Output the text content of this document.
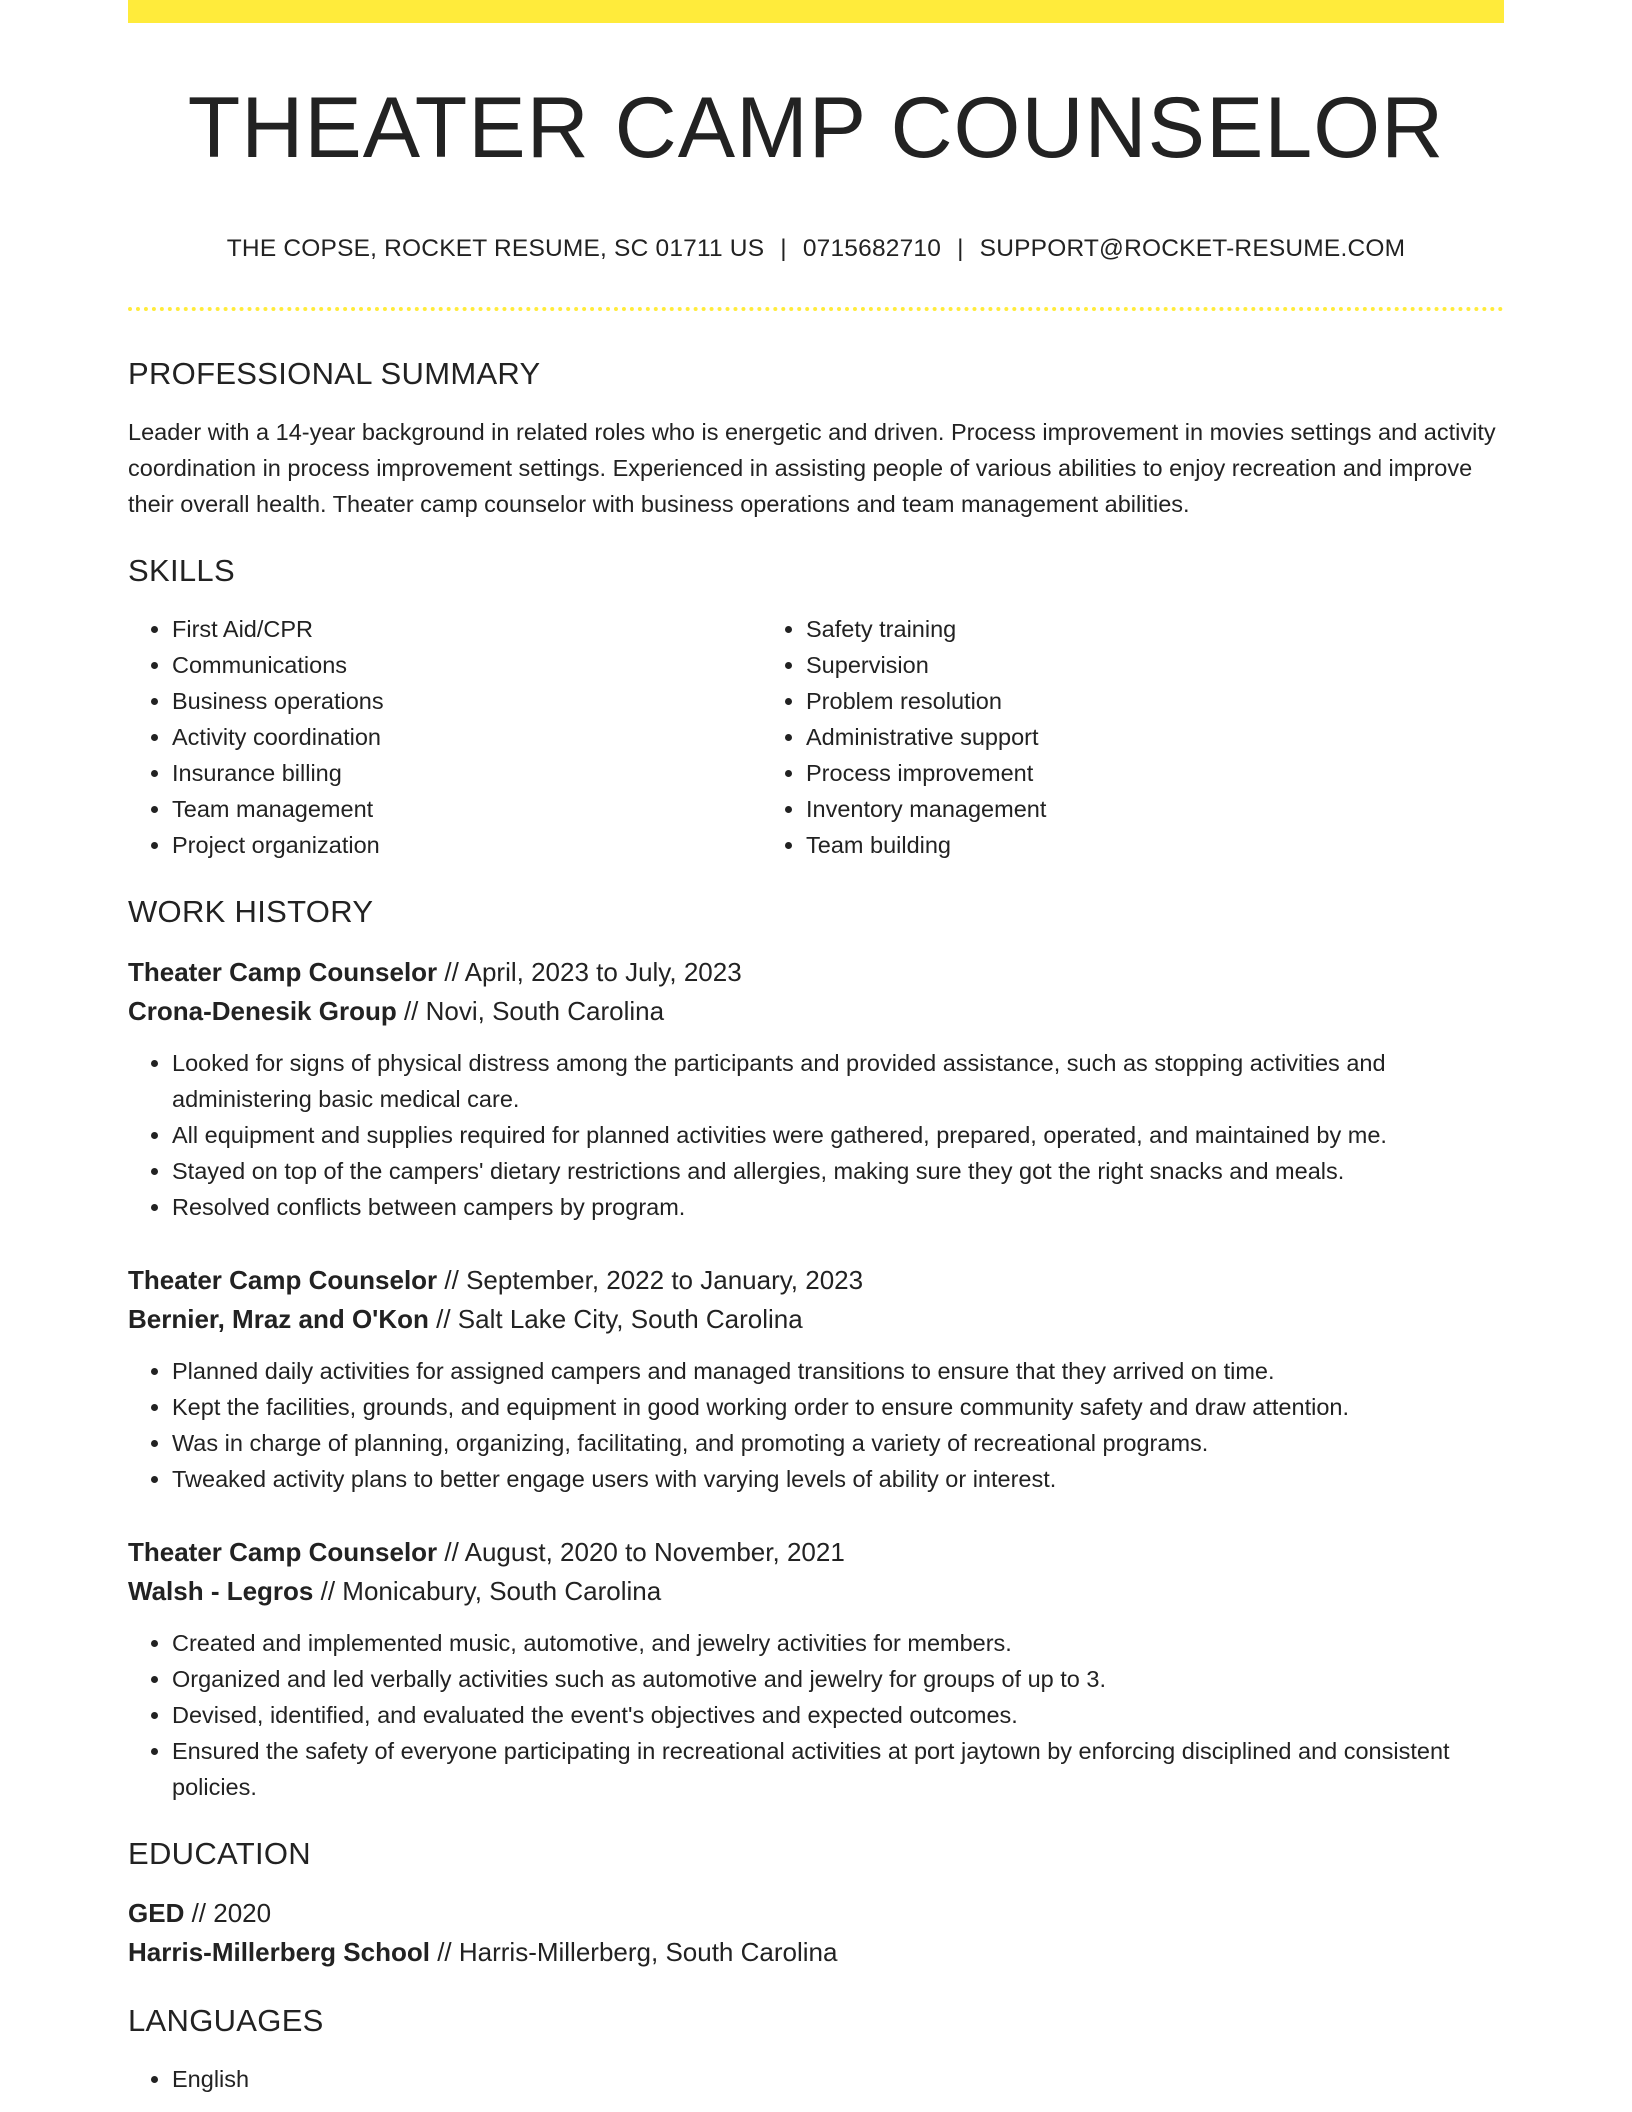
THEATER CAMP COUNSELOR
THE COPSE, ROCKET RESUME, SC 01711 US | 0715682710 | SUPPORT@ROCKET-RESUME.COM
PROFESSIONAL SUMMARY

Leader with a 14-year background in related roles who is energetic and driven. Process improvement in movies settings and activity coordination in process improvement settings. Experienced in assisting people of various abilities to enjoy recreation and improve their overall health. Theater camp counselor with business operations and team management abilities.

SKILLS
• First Aid/CPR
• Communications
• Business operations
• Activity coordination
• Insurance billing
• Team management
• Project organization
• Safety training
• Supervision
• Problem resolution
• Administrative support
• Process improvement
• Inventory management
• Team building
WORK HISTORY
Theater Camp Counselor // April, 2023 to July, 2023
Crona-Denesik Group // Novi, South Carolina
• Looked for signs of physical distress among the participants and provided assistance, such as stopping activities and administering basic medical care.
• All equipment and supplies required for planned activities were gathered, prepared, operated, and maintained by me.
• Stayed on top of the campers' dietary restrictions and allergies, making sure they got the right snacks and meals.
• Resolved conflicts between campers by program.
Theater Camp Counselor // September, 2022 to January, 2023
Bernier, Mraz and O'Kon // Salt Lake City, South Carolina
• Planned daily activities for assigned campers and managed transitions to ensure that they arrived on time.
• Kept the facilities, grounds, and equipment in good working order to ensure community safety and draw attention.
• Was in charge of planning, organizing, facilitating, and promoting a variety of recreational programs.
• Tweaked activity plans to better engage users with varying levels of ability or interest.
Theater Camp Counselor // August, 2020 to November, 2021
Walsh - Legros // Monicabury, South Carolina
• Created and implemented music, automotive, and jewelry activities for members.
• Organized and led verbally activities such as automotive and jewelry for groups of up to 3.
• Devised, identified, and evaluated the event's objectives and expected outcomes.
• Ensured the safety of everyone participating in recreational activities at port jaytown by enforcing disciplined and consistent policies.
EDUCATION
GED // 2020
Harris-Millerberg School // Harris-Millerberg, South Carolina
LANGUAGES
• English
